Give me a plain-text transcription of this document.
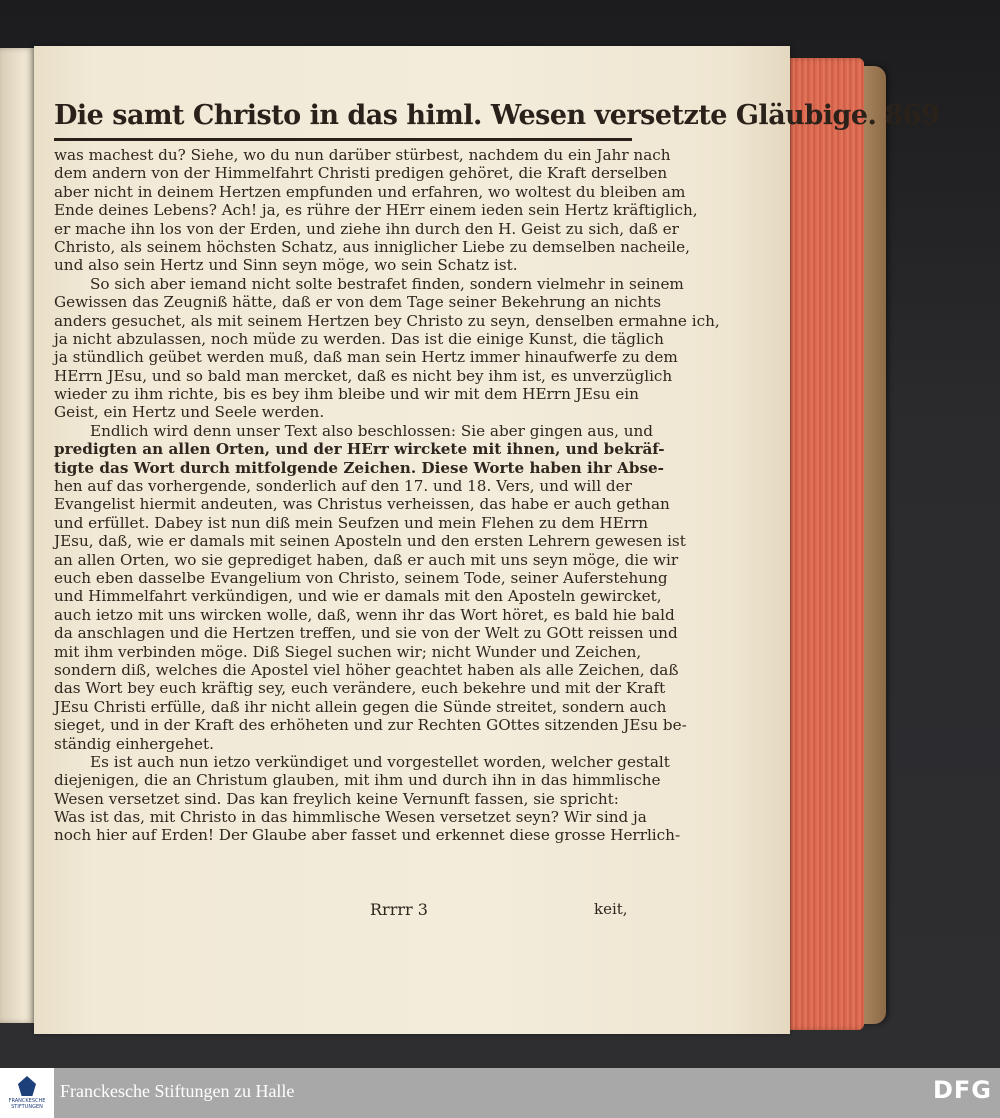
Die samt Christo in das himl. Wesen versetzte Gläubige. 869
was machest du? Siehe, wo du nun darüber stürbest, nachdem du ein Jahr nach
dem andern von der Himmelfahrt Christi predigen gehöret, die Kraft derselben
aber nicht in deinem Hertzen empfunden und erfahren, wo woltest du bleiben am
Ende deines Lebens? Ach! ja, es rühre der HErr einem ieden sein Hertz kräftiglich,
er mache ihn los von der Erden, und ziehe ihn durch den H. Geist zu sich, daß er
Christo, als seinem höchsten Schatz, aus inniglicher Liebe zu demselben nacheile,
und also sein Hertz und Sinn seyn möge, wo sein Schatz ist.
So sich aber iemand nicht solte bestrafet finden, sondern vielmehr in seinem
Gewissen das Zeugniß hätte, daß er von dem Tage seiner Bekehrung an nichts
anders gesuchet, als mit seinem Hertzen bey Christo zu seyn, denselben ermahne ich,
ja nicht abzulassen, noch müde zu werden. Das ist die einige Kunst, die täglich
ja stündlich geübet werden muß, daß man sein Hertz immer hinaufwerfe zu dem
HErrn JEsu, und so bald man mercket, daß es nicht bey ihm ist, es unverzüglich
wieder zu ihm richte, bis es bey ihm bleibe und wir mit dem HErrn JEsu ein
Geist, ein Hertz und Seele werden.
Endlich wird denn unser Text also beschlossen: Sie aber gingen aus, und
predigten an allen Orten, und der HErr wirckete mit ihnen, und bekräf-
tigte das Wort durch mitfolgende Zeichen. Diese Worte haben ihr Abse-
hen auf das vorhergende, sonderlich auf den 17. und 18. Vers, und will der
Evangelist hiermit andeuten, was Christus verheissen, das habe er auch gethan
und erfüllet. Dabey ist nun diß mein Seufzen und mein Flehen zu dem HErrn
JEsu, daß, wie er damals mit seinen Aposteln und den ersten Lehrern gewesen ist
an allen Orten, wo sie geprediget haben, daß er auch mit uns seyn möge, die wir
euch eben dasselbe Evangelium von Christo, seinem Tode, seiner Auferstehung
und Himmelfahrt verkündigen, und wie er damals mit den Aposteln gewircket,
auch ietzo mit uns wircken wolle, daß, wenn ihr das Wort höret, es bald hie bald
da anschlagen und die Hertzen treffen, und sie von der Welt zu GOtt reissen und
mit ihm verbinden möge. Diß Siegel suchen wir; nicht Wunder und Zeichen,
sondern diß, welches die Apostel viel höher geachtet haben als alle Zeichen, daß
das Wort bey euch kräftig sey, euch verändere, euch bekehre und mit der Kraft
JEsu Christi erfülle, daß ihr nicht allein gegen die Sünde streitet, sondern auch
sieget, und in der Kraft des erhöheten und zur Rechten GOttes sitzenden JEsu be-
ständig einhergehet.
Es ist auch nun ietzo verkündiget und vorgestellet worden, welcher gestalt
diejenigen, die an Christum glauben, mit ihm und durch ihn in das himmlische
Wesen versetzet sind. Das kan freylich keine Vernunft fassen, sie spricht:
Was ist das, mit Christo in das himmlische Wesen versetzet seyn? Wir sind ja
noch hier auf Erden! Der Glaube aber fasset und erkennet diese grosse Herrlich-
Rrrrr 3	keit,
FRANCKESCHE
STIFTUNGEN
Franckesche Stiftungen zu Halle	DFG
